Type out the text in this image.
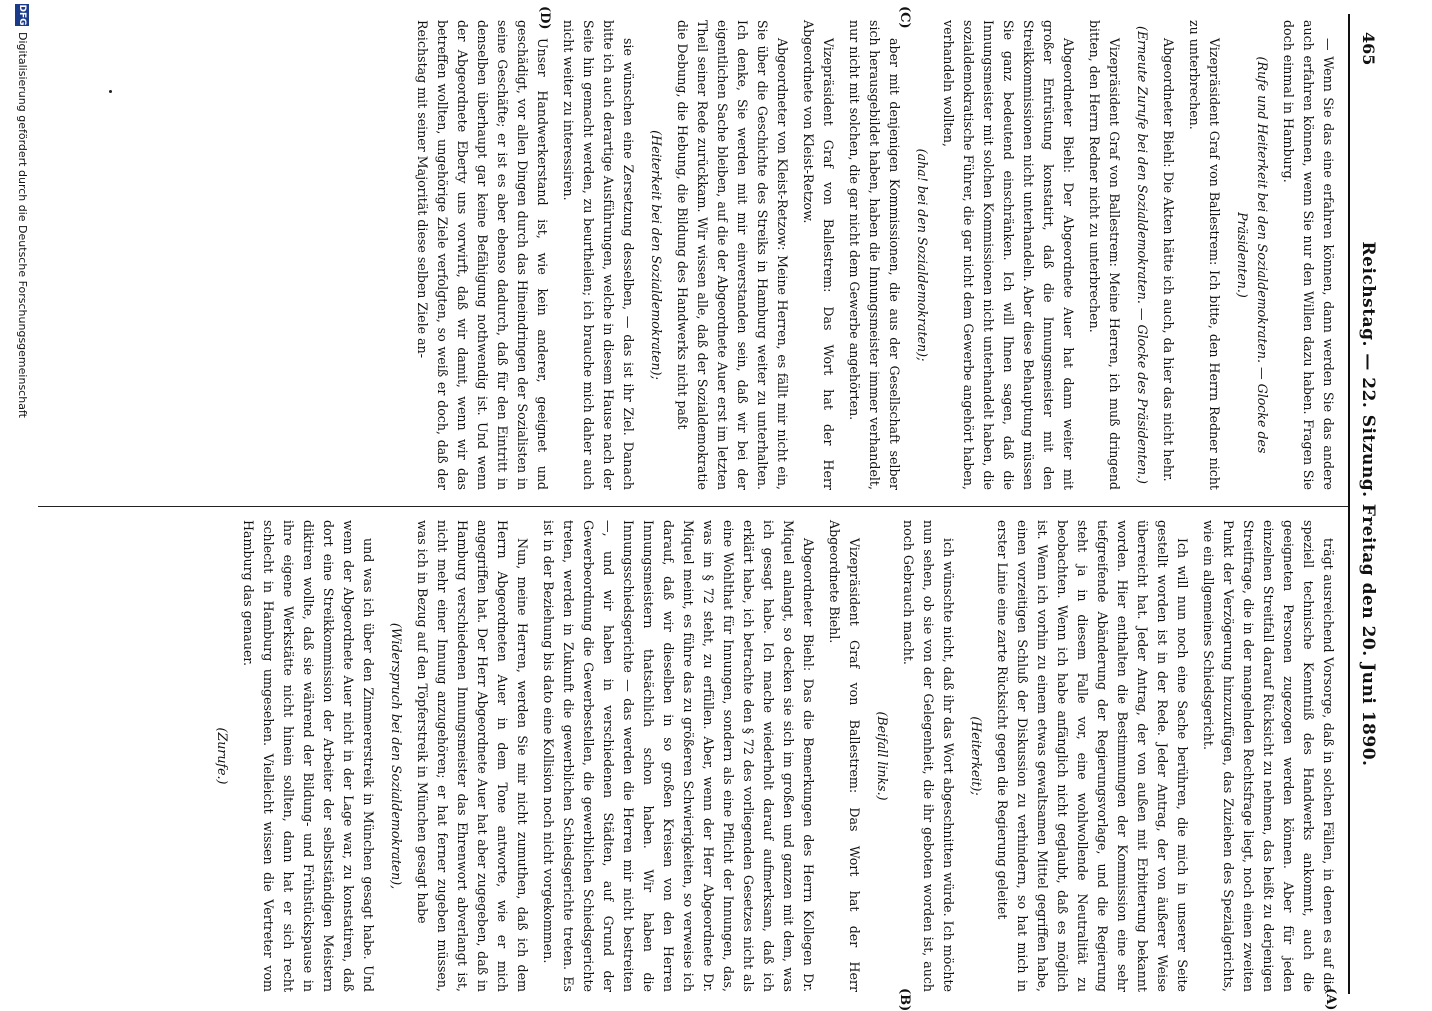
465
Reichstag. — 22. Sitzung. Freitag den 20. Juni 1890.
(C)
(D)
(A)
(B)

— Wenn Sie das eine erfahren können, dann werden Sie das andere auch erfahren können, wenn Sie nur den Willen dazu haben. Fragen Sie doch einmal in Hamburg.

(Rufe und Heiterkeit bei den Sozialdemokraten. — Glocke des Präsidenten.)

Vizepräsident Graf von Ballestrem: Ich bitte, den Herrn Redner nicht zu unterbrechen.

Abgeordneter Biehl: Die Akten hätte ich auch, da hier das nicht hehr.

(Erneute Zurufe bei den Sozialdemokraten. — Glocke des Präsidenten.)

Vizepräsident Graf von Ballestrem: Meine Herren, ich muß dringend bitten, den Herrn Redner nicht zu unterbrechen.

Abgeordneter Biehl: Der Abgeordnete Auer hat dann weiter mit großer Entrüstung konstatirt, daß die Innungsmeister mit den Streikkommissionen nicht unterhandeln. Aber diese Behauptung müssen Sie ganz bedeutend einschränken. Ich will Ihnen sagen, daß die Innungsmeister mit solchen Kommissionen nicht unterhandelt haben, die sozialdemokratische Führer, die gar nicht dem Gewerbe angehört haben, verhandeln wollten,

(aha! bei den Sozialdemokraten);

aber mit denjenigen Kommissionen, die aus der Gesellschaft selber sich herausgebildet haben, haben die Innungsmeister immer verhandelt, nur nicht mit solchen, die gar nicht dem Gewerbe angehörten.

Vizepräsident Graf von Ballestrem: Das Wort hat der Herr Abgeordnete von Kleist-Retzow.

Abgeordneter von Kleist-Retzow: Meine Herren, es fällt mir nicht ein, Sie über die Geschichte des Streiks in Hamburg weiter zu unterhalten. Ich denke, Sie werden mit mir einverstanden sein, daß wir bei der eigentlichen Sache bleiben, auf die der Abgeordnete Auer erst im letzten Theil seiner Rede zurückkam. Wir wissen alle, daß der Sozialdemokratie die Debung, die Hebung, die Bildung des Handwerks nicht paßt

(Heiterkeit bei den Sozialdemokraten);

sie wünschen eine Zersetzung desselben, — das ist ihr Ziel. Danach bitte ich auch derartige Ausführungen, welche in diesem Hause nach der Seite hin gemacht werden, zu beurtheilen; ich brauche mich daher auch nicht weiter zu interessiren.

Unser Handwerkerstand ist, wie kein anderer, geeignet und geschädigt, vor allen Dingen durch das Hineindringen der Sozialisten in seine Geschäfte; er ist es aber ebenso dadurch, daß für den Eintritt in denselben überhaupt gar keine Befähigung nothwendig ist. Und wenn der Abgeordnete Eberty uns vorwirft, daß wir damit, wenn wir das betreffen wollten, ungehörige Ziele verfolgten, so weiß er doch, daß der Reichstag mit seiner Majorität diese selben Ziele an-

trägt ausreichend Vorsorge, daß in solchen Fällen, in denen es auf die speziell technische Kenntniß des Handwerks ankommt, auch die geeigneten Personen zugezogen werden können. Aber für jeden einzelnen Streitfall darauf Rücksicht zu nehmen, das heißt zu derjenigen Streitfrage, die in der mangelnden Rechtsfrage liegt, noch einen zweiten Punkt der Verzögerung hinzuzufügen, das Zuziehen des Spezialgerichts, wie ein allgemeines Schiedsgericht.

Ich will nun noch eine Sache berühren, die mich in unserer Seite gestellt worden ist in der Rede. Jeder Antrag, der von äußerer Weise überreicht hat. Jeder Antrag, der von außen mit Erbitterung bekannt worden. Hier enthalten die Bestimmungen der Kommission eine sehr tiefgreifende Abänderung der Regierungsvorlage, und die Regierung steht ja in diesem Falle vor, eine wohlwollende Neutralität zu beobachten. Wenn ich habe anfänglich nicht geglaubt, daß es möglich ist. Wenn ich vorhin zu einem etwas gewaltsamen Mittel gegriffen habe, einen vorzeitigen Schluß der Diskussion zu verhindern, so hat mich in erster Linie eine zarte Rücksicht gegen die Regierung geleitet

(Heiterkeit);

ich wünschte nicht, daß ihr das Wort abgeschnitten würde. Ich möchte nun sehen, ob sie von der Gelegenheit, die ihr geboten worden ist, auch noch Gebrauch macht.

(Beifall links.)

Vizepräsident Graf von Ballestrem: Das Wort hat der Herr Abgeordnete Biehl.

Abgeordneter Biehl: Das die Bemerkungen des Herrn Kollegen Dr. Miquel anlangt, so decken sie sich im großen und ganzen mit dem, was ich gesagt habe. Ich mache wiederholt darauf aufmerksam, daß ich erklärt habe, ich betrachte den § 72 des vorliegenden Gesetzes nicht als eine Wohlthat für Innungen, sondern als eine Pflicht der Innungen, das, was im § 72 steht, zu erfüllen. Aber, wenn der Herr Abgeordnete Dr. Miquel meint, es führe das zu größeren Schwierigkeiten, so verweise ich darauf, daß wir dieselben in so großen Kreisen von den Herren Innungsmeistern thatsächlich schon haben. Wir haben die Innungsschiedsgerichte — das werden die Herren mir nicht bestreiten —, und wir haben in verschiedenen Städten, auf Grund der Gewerbeordnung die Gewerbestellen, die gewerblichen Schiedsgerichte treten, werden in Zukunft die gewerblichen Schiedsgerichte treten. Es ist in der Beziehung bis dato eine Kollision noch nicht vorgekommen.

Nun, meine Herren, werden Sie mir nicht zumuthen, daß ich dem Herrn Abgeordneten Auer in dem Tone antworte, wie er mich angegriffen hat. Der Herr Abgeordnete Auer hat aber zugegeben, daß in Hamburg verschiedenen Innungsmeister das Ehrenwort abverlangt ist, nicht mehr einer Innung anzugehören; er hat ferner zugeben müssen, was ich in Bezug auf den Töpferstreik in München gesagt habe

(Widerspruch bei den Sozialdemokraten),

und was ich über den Zimmererstreik in München gesagt habe. Und wenn der Abgeordnete Auer nicht in der Lage war, zu konstatiren, daß dort eine Streikkommission der Arbeiter der selbstständigen Meistern diktiren wollte, daß sie während der Bildung- und Frühstückspause in ihre eigene Werkstätte nicht hinein sollten, dann hat er sich recht schlecht in Hamburg umgesehen. Vielleicht wissen die Vertreter vom Hamburg das genauer.

(Zurufe.)

DFG
Digitalisierung gefördert durch die Deutsche Forschungsgemeinschaft
